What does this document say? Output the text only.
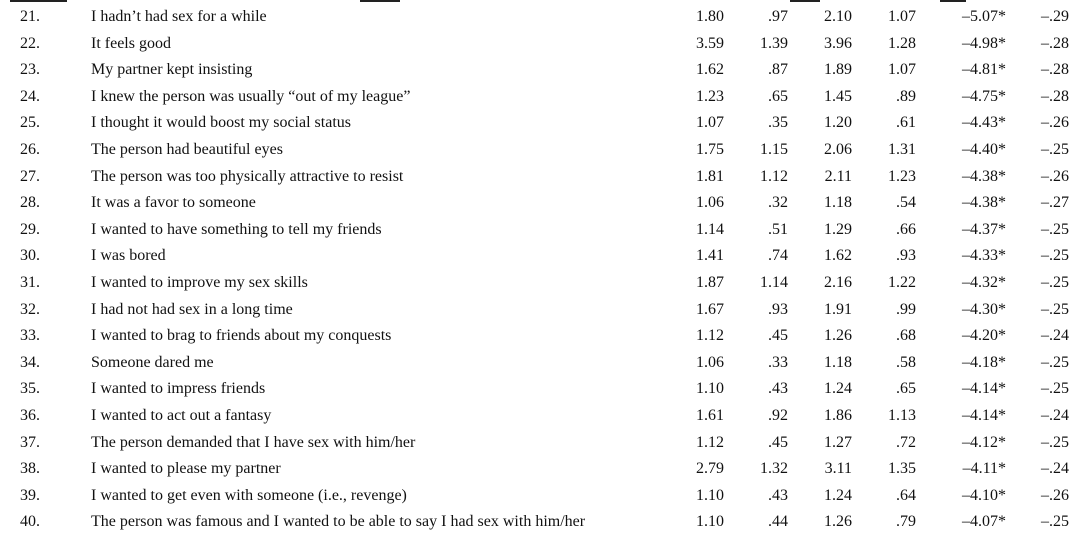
21.	I hadn’t had sex for a while	1.80	.97	2.10	1.07	–5.07*	–.29
22.	It feels good	3.59	1.39	3.96	1.28	–4.98*	–.28
23.	My partner kept insisting	1.62	.87	1.89	1.07	–4.81*	–.28
24.	I knew the person was usually “out of my league”	1.23	.65	1.45	.89	–4.75*	–.28
25.	I thought it would boost my social status	1.07	.35	1.20	.61	–4.43*	–.26
26.	The person had beautiful eyes	1.75	1.15	2.06	1.31	–4.40*	–.25
27.	The person was too physically attractive to resist	1.81	1.12	2.11	1.23	–4.38*	–.26
28.	It was a favor to someone	1.06	.32	1.18	.54	–4.38*	–.27
29.	I wanted to have something to tell my friends	1.14	.51	1.29	.66	–4.37*	–.25
30.	I was bored	1.41	.74	1.62	.93	–4.33*	–.25
31.	I wanted to improve my sex skills	1.87	1.14	2.16	1.22	–4.32*	–.25
32.	I had not had sex in a long time	1.67	.93	1.91	.99	–4.30*	–.25
33.	I wanted to brag to friends about my conquests	1.12	.45	1.26	.68	–4.20*	–.24
34.	Someone dared me	1.06	.33	1.18	.58	–4.18*	–.25
35.	I wanted to impress friends	1.10	.43	1.24	.65	–4.14*	–.25
36.	I wanted to act out a fantasy	1.61	.92	1.86	1.13	–4.14*	–.24
37.	The person demanded that I have sex with him/her	1.12	.45	1.27	.72	–4.12*	–.25
38.	I wanted to please my partner	2.79	1.32	3.11	1.35	–4.11*	–.24
39.	I wanted to get even with someone (i.e., revenge)	1.10	.43	1.24	.64	–4.10*	–.26
40.	The person was famous and I wanted to be able to say I had sex with him/her	1.10	.44	1.26	.79	–4.07*	–.25
